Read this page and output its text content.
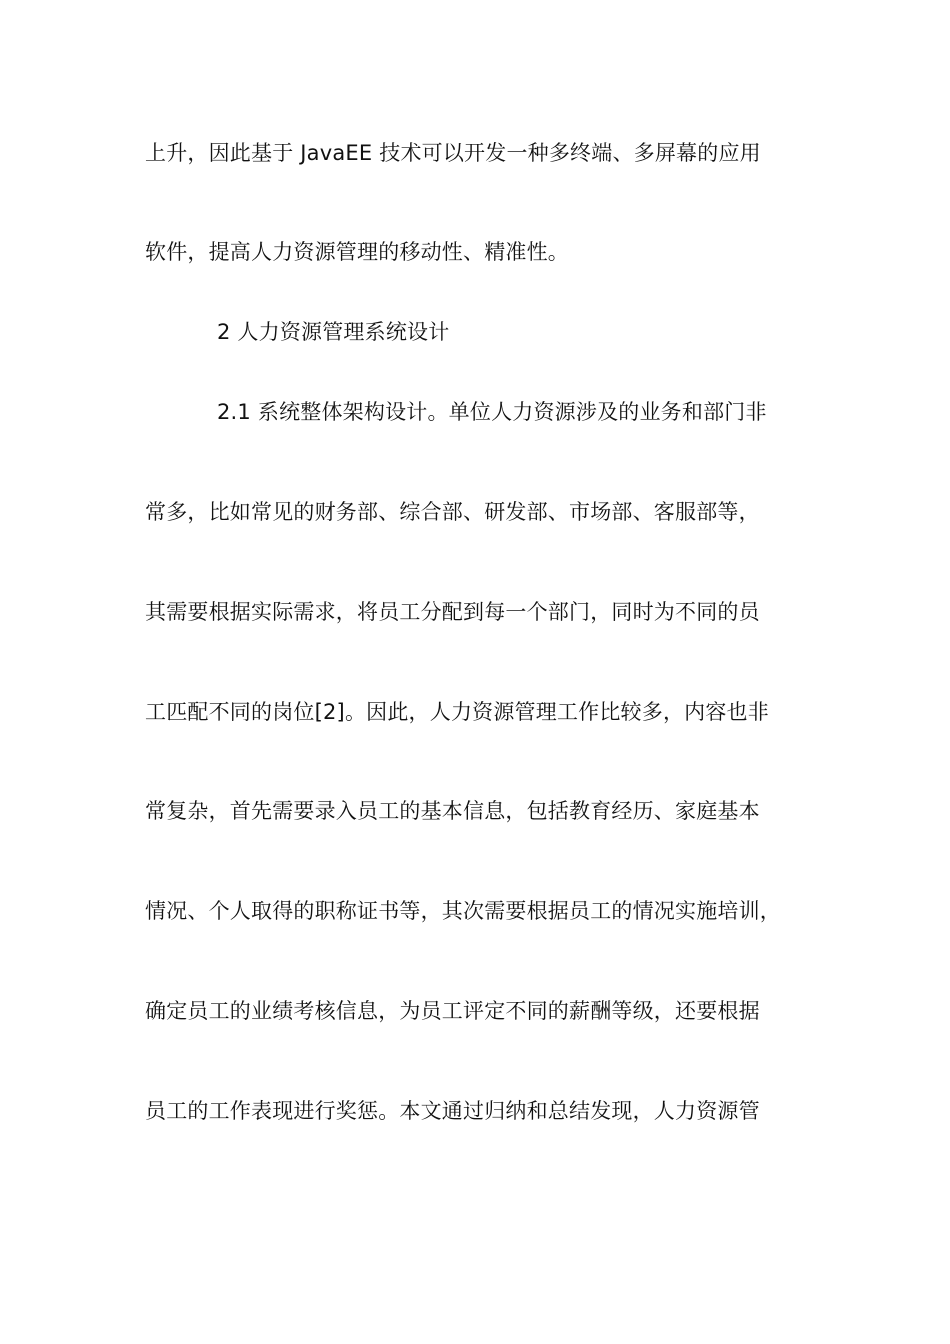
上升，因此基于 JavaEE 技术可以开发一种多终端、多屏幕的应用
软件，提高人力资源管理的移动性、精准性。
2 人力资源管理系统设计
2.1 系统整体架构设计。单位人力资源涉及的业务和部门非
常多，比如常见的财务部、综合部、研发部、市场部、客服部等，
其需要根据实际需求，将员工分配到每一个部门，同时为不同的员
工匹配不同的岗位[2]。因此，人力资源管理工作比较多，内容也非
常复杂，首先需要录入员工的基本信息，包括教育经历、家庭基本
情况、个人取得的职称证书等，其次需要根据员工的情况实施培训，
确定员工的业绩考核信息，为员工评定不同的薪酬等级，还要根据
员工的工作表现进行奖惩。本文通过归纳和总结发现，人力资源管
